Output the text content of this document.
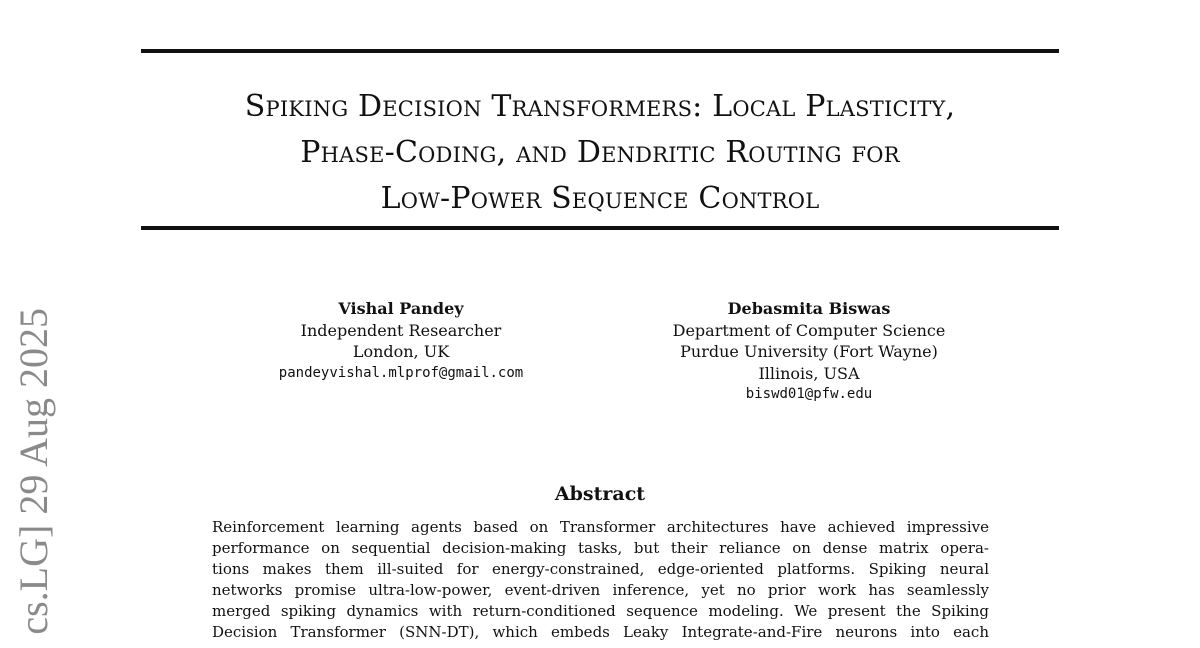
Spiking Decision Transformers: Local Plasticity,
Phase-Coding, and Dendritic Routing for
Low-Power Sequence Control
Vishal Pandey
Independent Researcher
London, UK
pandeyvishal.mlprof@gmail.com
Debasmita Biswas
Department of Computer Science
Purdue University (Fort Wayne)
Illinois, USA
biswd01@pfw.edu
Abstract
Reinforcement learning agents based on Transformer architectures have achieved impressive
performance on sequential decision-making tasks, but their reliance on dense matrix opera-
tions makes them ill-suited for energy-constrained, edge-oriented platforms. Spiking neural
networks promise ultra-low-power, event-driven inference, yet no prior work has seamlessly
merged spiking dynamics with return-conditioned sequence modeling. We present the Spiking
Decision Transformer (SNN-DT), which embeds Leaky Integrate-and-Fire neurons into each
cs.LG] 29 Aug 2025
